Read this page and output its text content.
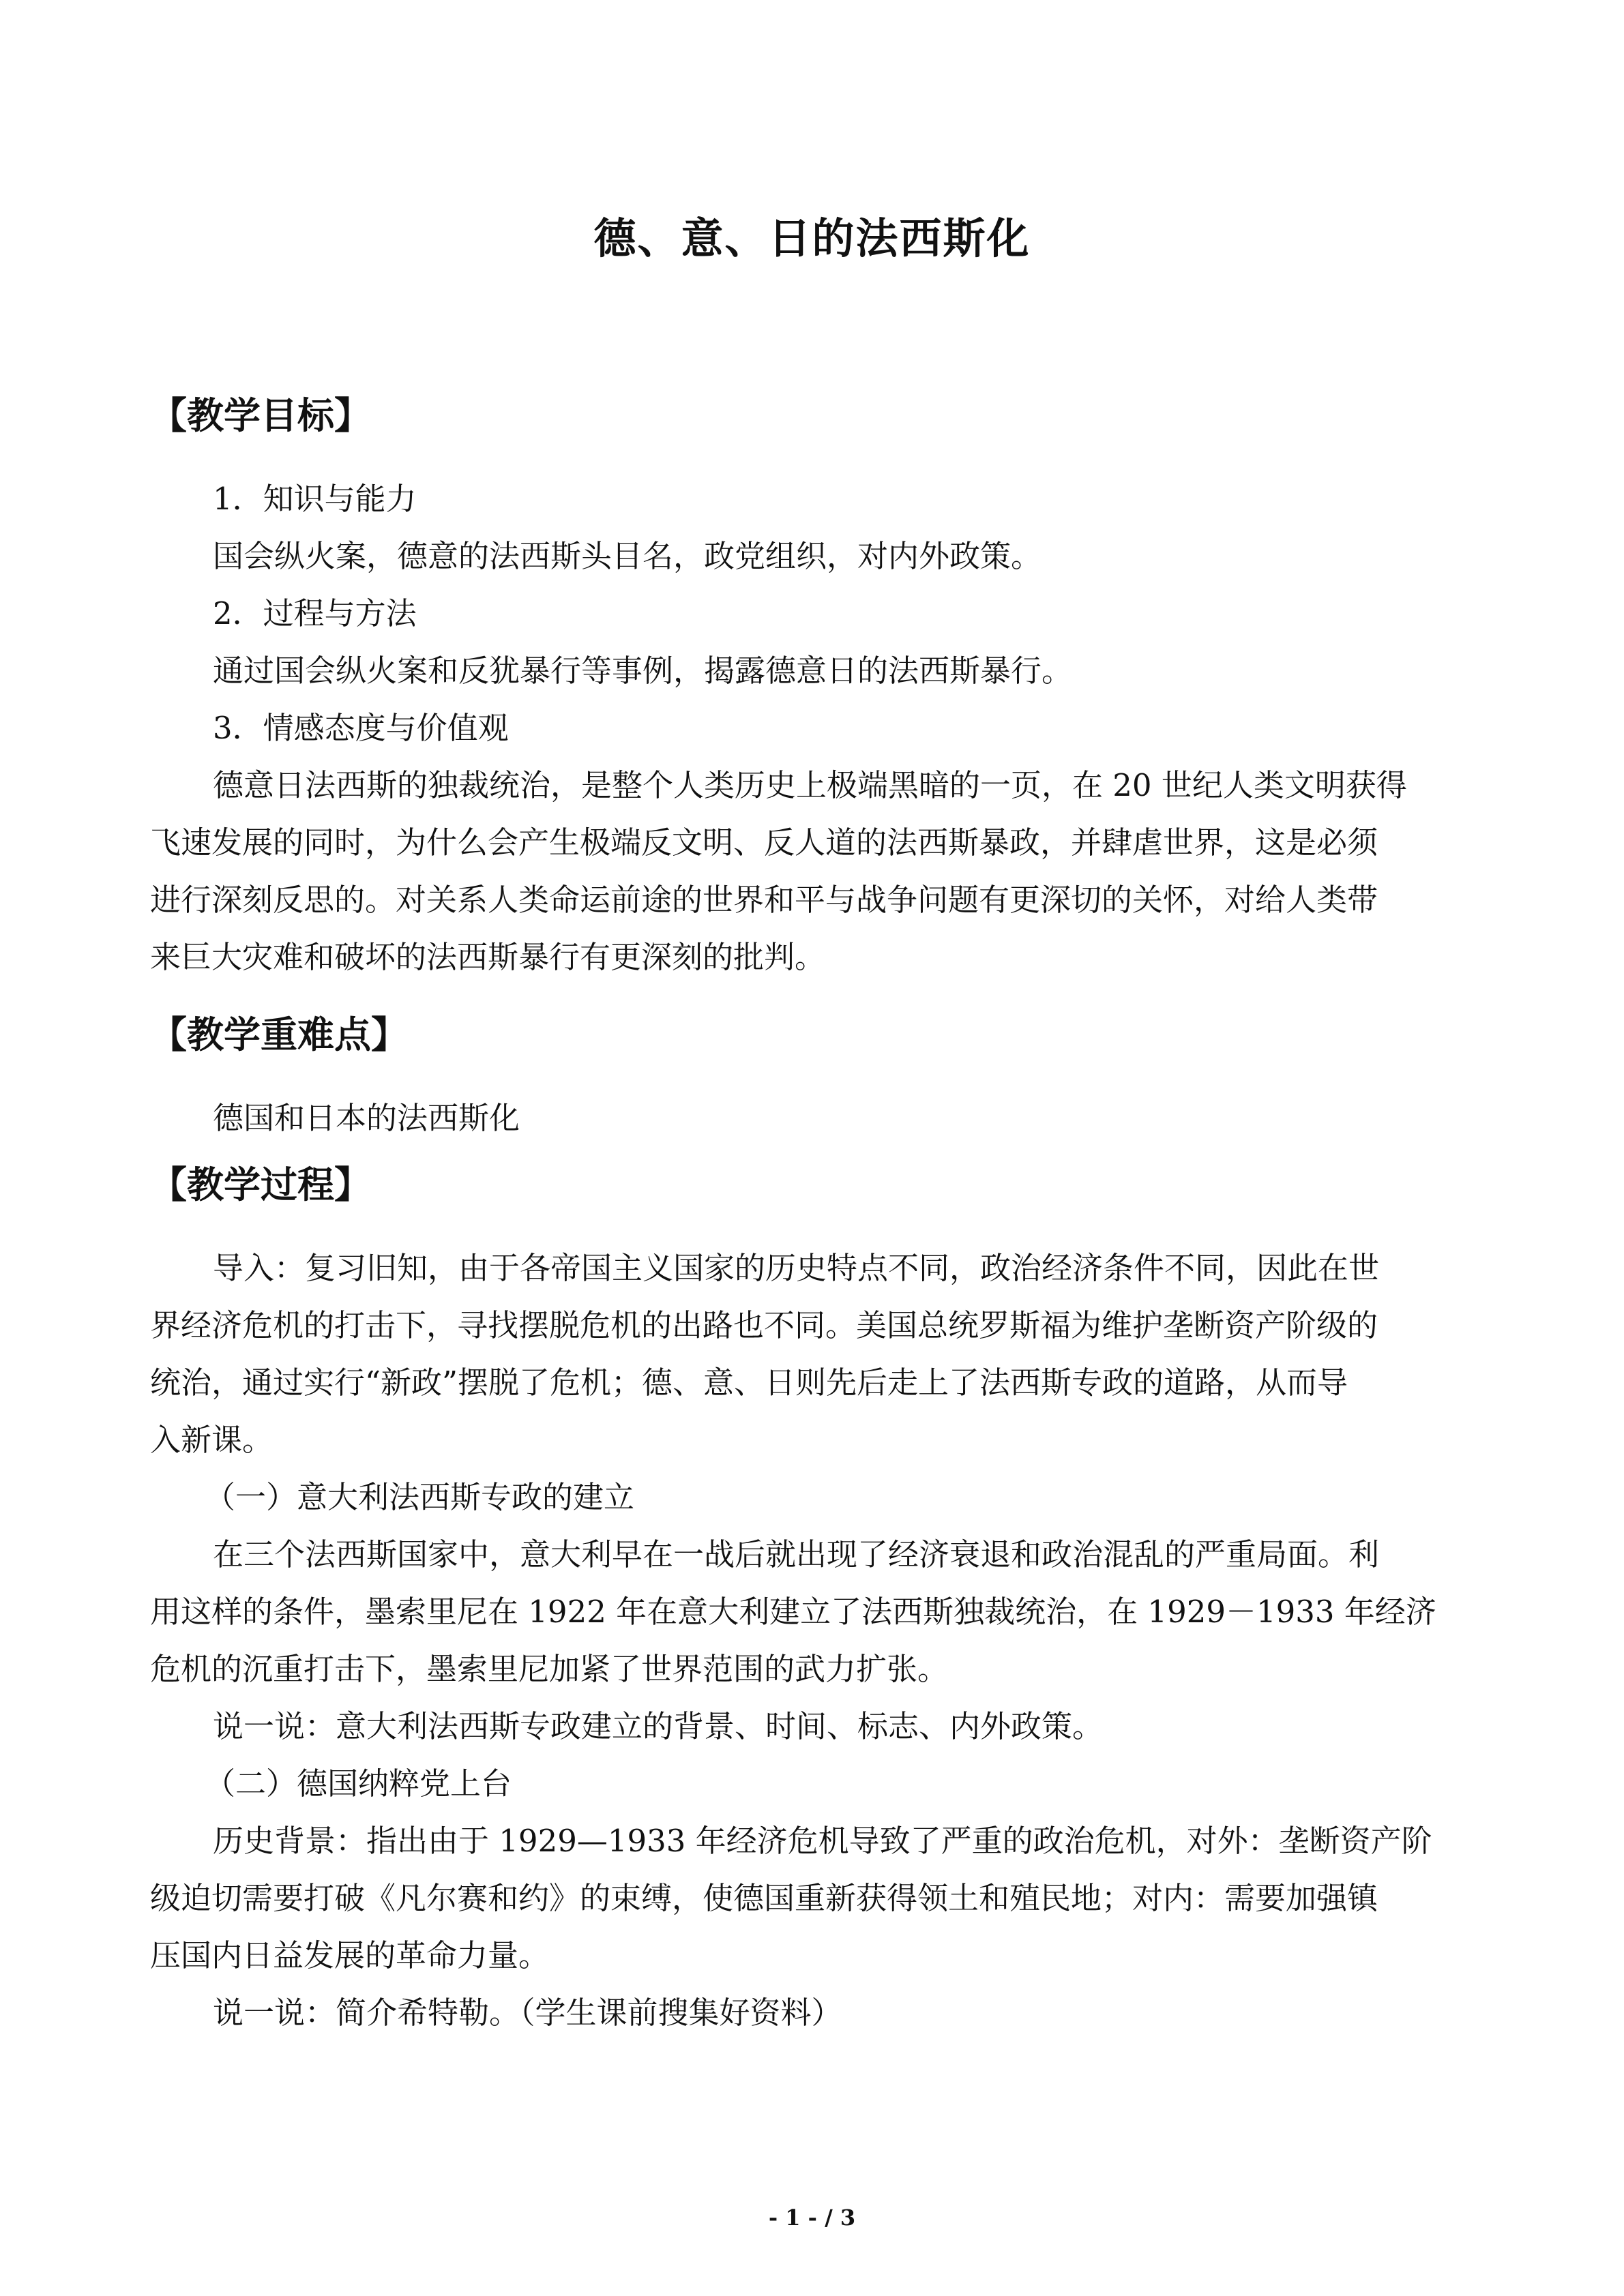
德、意、日的法西斯化
【教学目标】
1．知识与能力
国会纵火案，德意的法西斯头目名，政党组织，对内外政策。
2．过程与方法
通过国会纵火案和反犹暴行等事例，揭露德意日的法西斯暴行。
3．情感态度与价值观
德意日法西斯的独裁统治，是整个人类历史上极端黑暗的一页，在 20 世纪人类文明获得
飞速发展的同时，为什么会产生极端反文明、反人道的法西斯暴政，并肆虐世界，这是必须
进行深刻反思的。对关系人类命运前途的世界和平与战争问题有更深切的关怀，对给人类带
来巨大灾难和破坏的法西斯暴行有更深刻的批判。
【教学重难点】
德国和日本的法西斯化
【教学过程】
导入：复习旧知，由于各帝国主义国家的历史特点不同，政治经济条件不同，因此在世
界经济危机的打击下，寻找摆脱危机的出路也不同。美国总统罗斯福为维护垄断资产阶级的
统治，通过实行“新政”摆脱了危机；德、意、日则先后走上了法西斯专政的道路，从而导
入新课。
（一）意大利法西斯专政的建立
在三个法西斯国家中，意大利早在一战后就出现了经济衰退和政治混乱的严重局面。利
用这样的条件，墨索里尼在 1922 年在意大利建立了法西斯独裁统治，在 1929－1933 年经济
危机的沉重打击下，墨索里尼加紧了世界范围的武力扩张。
说一说：意大利法西斯专政建立的背景、时间、标志、内外政策。
（二）德国纳粹党上台
历史背景：指出由于 1929—1933 年经济危机导致了严重的政治危机，对外：垄断资产阶
级迫切需要打破《凡尔赛和约》的束缚，使德国重新获得领土和殖民地；对内：需要加强镇
压国内日益发展的革命力量。
说一说：简介希特勒。（学生课前搜集好资料）
- 1 - / 3
